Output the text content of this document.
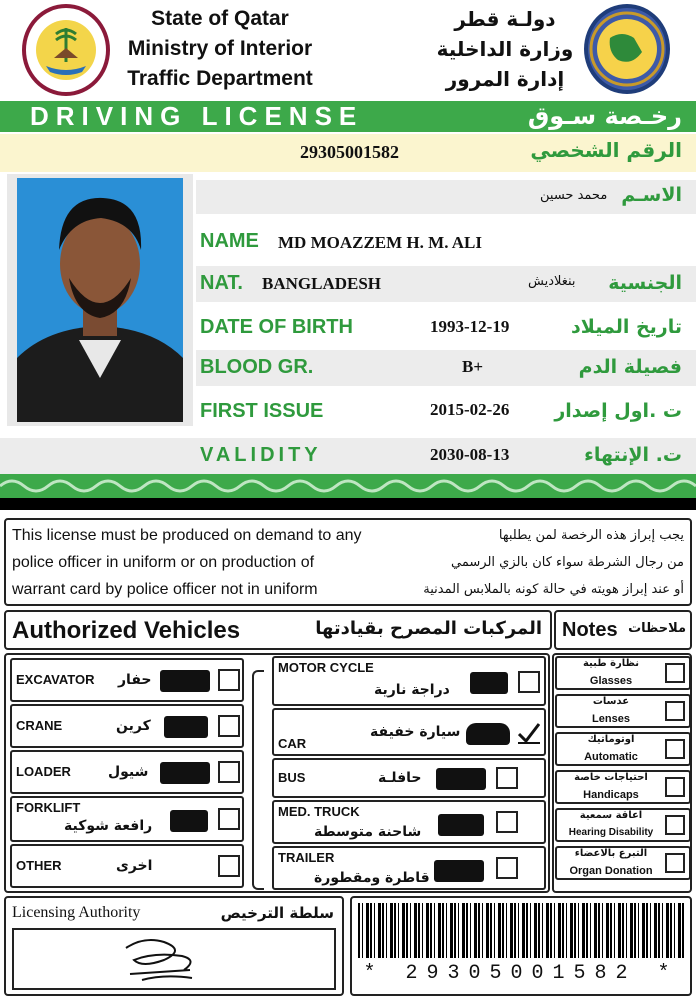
State of Qatar
Ministry of Interior
Traffic Department
دولـة قطر
وزارة الداخلية
إدارة المرور
DRIVING LICENSE	رخـصة سـوق
29305001582	الرقم الشخصي
محمد حسين الاسـم
NAME MD MOAZZEM H. M. ALI
NAT. BANGLADESH	بنغلاديش الجنسية
DATE OF BIRTH	1993-12-19	تاريخ الميلاد
BLOOD GR.	B+	فصيلة الدم
FIRST ISSUE	2015-02-26 ت .اول إصدار
VALIDITY	2030-08-13	ت. الإنتهاء
This license must be produced on demand to any
police officer in uniform or on production of
warrant card by police officer not in uniform
يجب إبراز هذه الرخصة لمن يطلبها
من رجال الشرطة سواء كان بالزي الرسمي
أو عند إبراز هويته في حالة كونه بالملابس المدنية
Authorized Vehicles	المركبات المصرح بقيادتها Notes ملاحظات
EXCAVATOR حفار
CRANE	كرين
LOADER	شيول
FORKLIFT
رافعة شوكية
OTHER	اخرى
MOTOR CYCLE
دراجة نارية
CAR
سيارة خفيفة
BUS	حافلـة
MED. TRUCK
شاحنة متوسطة
TRAILER
قاطرة ومقطورة
نظارة طبية
Glasses
عدسات
Lenses
اوتوماتيك
Automatic
احتياجات خاصة
Handicaps
اعاقة سمعية
Hearing Disability
التبرع بالاعضاء
Organ Donation
Licensing Authority	سلطة الترخيص
* 29305001582 *
